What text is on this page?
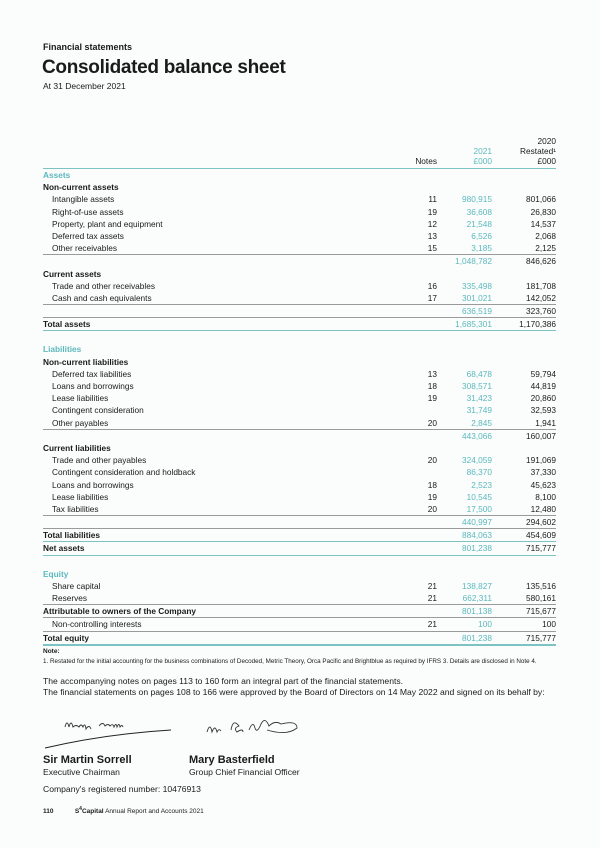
Financial statements
Consolidated balance sheet
At 31 December 2021
Notes
2021
£000
2020
Restated¹
£000
Assets
Non-current assets
Intangible assets	11	980,915	801,066
Right-of-use assets	19	36,608	26,830
Property, plant and equipment	12	21,548	14,537
Deferred tax assets	13	6,526	2,068
Other receivables	15	3,185	2,125
1,048,782	846,626
Current assets
Trade and other receivables	16	335,498	181,708
Cash and cash equivalents	17	301,021	142,052
636,519	323,760
Total assets	1,685,301	1,170,386
Liabilities
Non-current liabilities
Deferred tax liabilities	13	68,478	59,794
Loans and borrowings	18	308,571	44,819
Lease liabilities	19	31,423	20,860
Contingent consideration	31,749	32,593
Other payables	20	2,845	1,941
443,066	160,007
Current liabilities
Trade and other payables	20	324,059	191,069
Contingent consideration and holdback	86,370	37,330
Loans and borrowings	18	2,523	45,623
Lease liabilities	19	10,545	8,100
Tax liabilities	20	17,500	12,480
440,997	294,602
Total liabilities	884,063	454,609
Net assets	801,238	715,777
Equity
Share capital	21	138,827	135,516
Reserves	21	662,311	580,161
Attributable to owners of the Company	801,138	715,677
Non-controlling interests	21	100	100
Total equity	801,238	715,777
Note:
1. Restated for the initial accounting for the business combinations of Decoded, Metric Theory, Orca Pacific and Brightblue as required by IFRS 3. Details are disclosed in Note 4.
The accompanying notes on pages 113 to 160 form an integral part of the financial statements.
The financial statements on pages 108 to 166 were approved by the Board of Directors on 14 May 2022 and signed on its behalf by:
Sir Martin Sorrell
Executive Chairman
Mary Basterfield
Group Chief Financial Officer
Company's registered number: 10476913
110	$S^4Capital$ Annual Report and Accounts 2021
